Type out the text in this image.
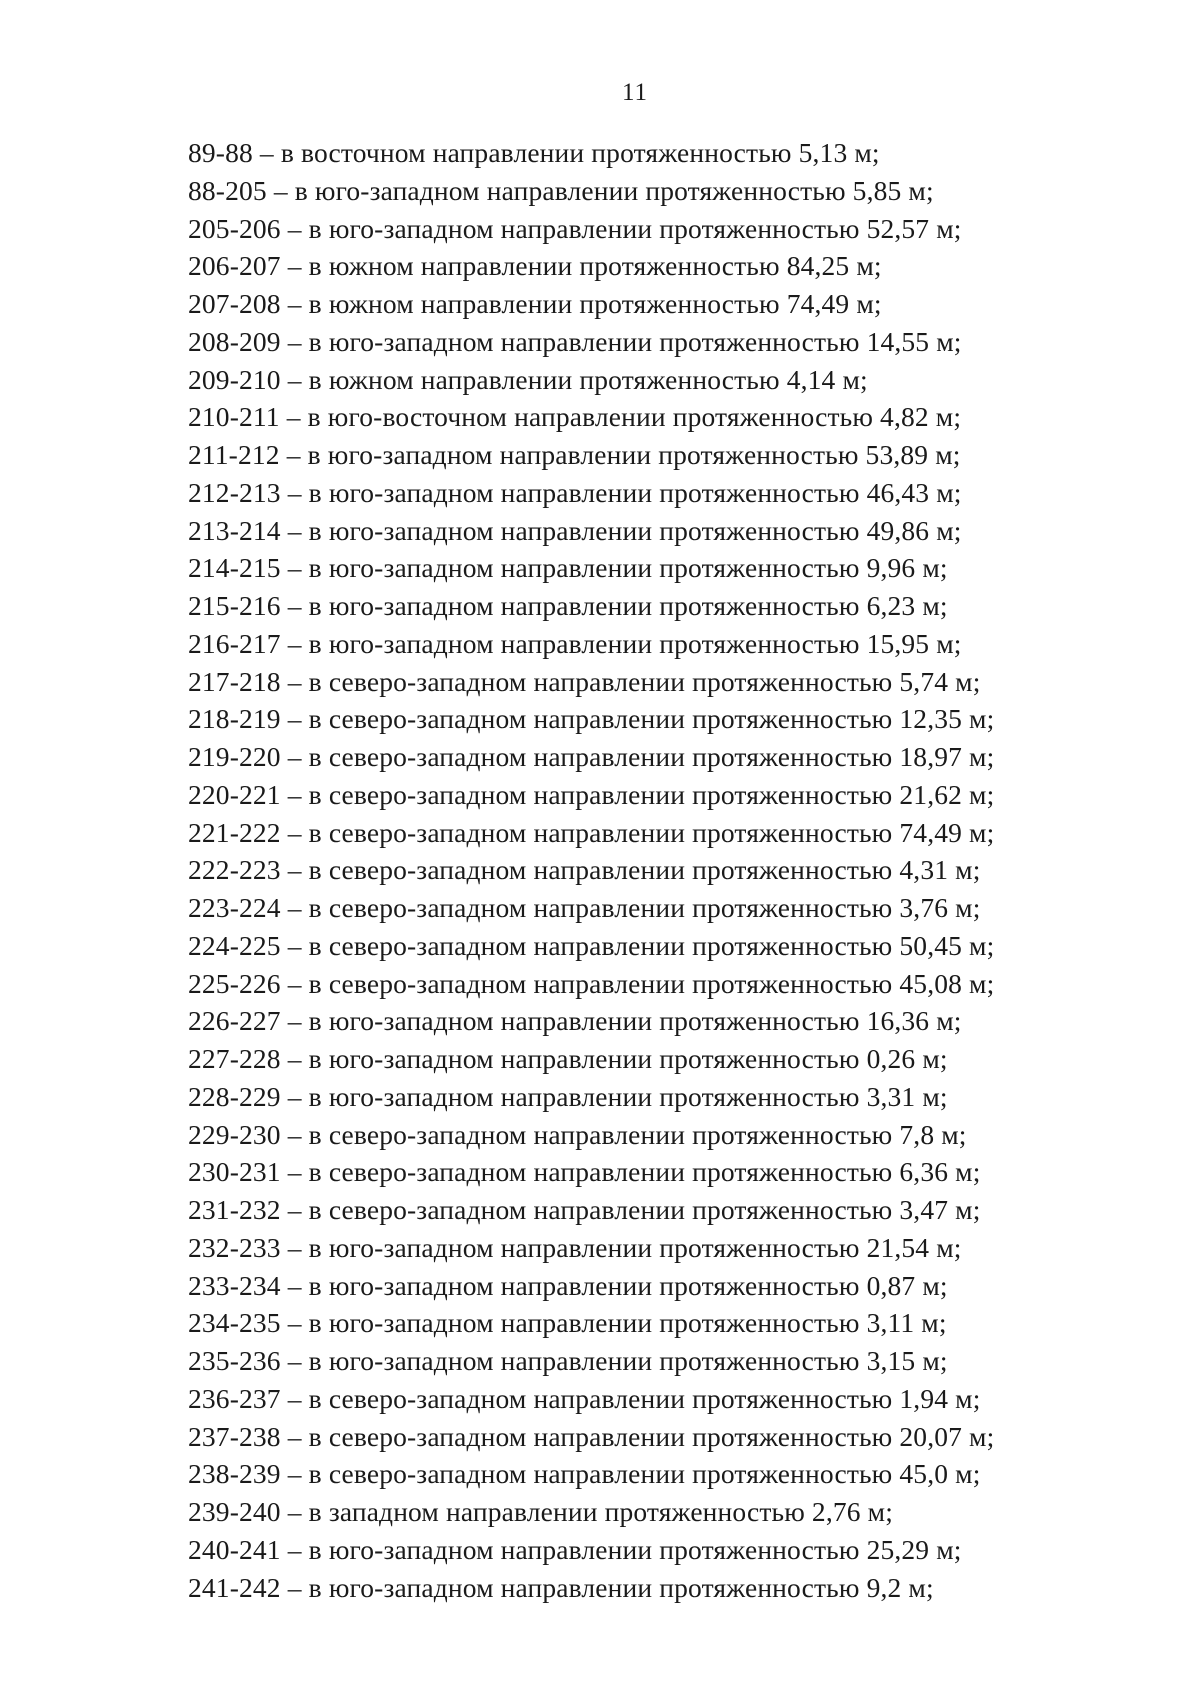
11
89-88 – в восточном направлении протяженностью 5,13 м;
88-205 – в юго-западном направлении протяженностью 5,85 м;
205-206 – в юго-западном направлении протяженностью 52,57 м;
206-207 – в южном направлении протяженностью 84,25 м;
207-208 – в южном направлении протяженностью 74,49 м;
208-209 – в юго-западном направлении протяженностью 14,55 м;
209-210 – в южном направлении протяженностью 4,14 м;
210-211 – в юго-восточном направлении протяженностью 4,82 м;
211-212 – в юго-западном направлении протяженностью 53,89 м;
212-213 – в юго-западном направлении протяженностью 46,43 м;
213-214 – в юго-западном направлении протяженностью 49,86 м;
214-215 – в юго-западном направлении протяженностью 9,96 м;
215-216 – в юго-западном направлении протяженностью 6,23 м;
216-217 – в юго-западном направлении протяженностью 15,95 м;
217-218 – в северо-западном направлении протяженностью 5,74 м;
218-219 – в северо-западном направлении протяженностью 12,35 м;
219-220 – в северо-западном направлении протяженностью 18,97 м;
220-221 – в северо-западном направлении протяженностью 21,62 м;
221-222 – в северо-западном направлении протяженностью 74,49 м;
222-223 – в северо-западном направлении протяженностью 4,31 м;
223-224 – в северо-западном направлении протяженностью 3,76 м;
224-225 – в северо-западном направлении протяженностью 50,45 м;
225-226 – в северо-западном направлении протяженностью 45,08 м;
226-227 – в юго-западном направлении протяженностью 16,36 м;
227-228 – в юго-западном направлении протяженностью 0,26 м;
228-229 – в юго-западном направлении протяженностью 3,31 м;
229-230 – в северо-западном направлении протяженностью 7,8 м;
230-231 – в северо-западном направлении протяженностью 6,36 м;
231-232 – в северо-западном направлении протяженностью 3,47 м;
232-233 – в юго-западном направлении протяженностью 21,54 м;
233-234 – в юго-западном направлении протяженностью 0,87 м;
234-235 – в юго-западном направлении протяженностью 3,11 м;
235-236 – в юго-западном направлении протяженностью 3,15 м;
236-237 – в северо-западном направлении протяженностью 1,94 м;
237-238 – в северо-западном направлении протяженностью 20,07 м;
238-239 – в северо-западном направлении протяженностью 45,0 м;
239-240 – в западном направлении протяженностью 2,76 м;
240-241 – в юго-западном направлении протяженностью 25,29 м;
241-242 – в юго-западном направлении протяженностью 9,2 м;
